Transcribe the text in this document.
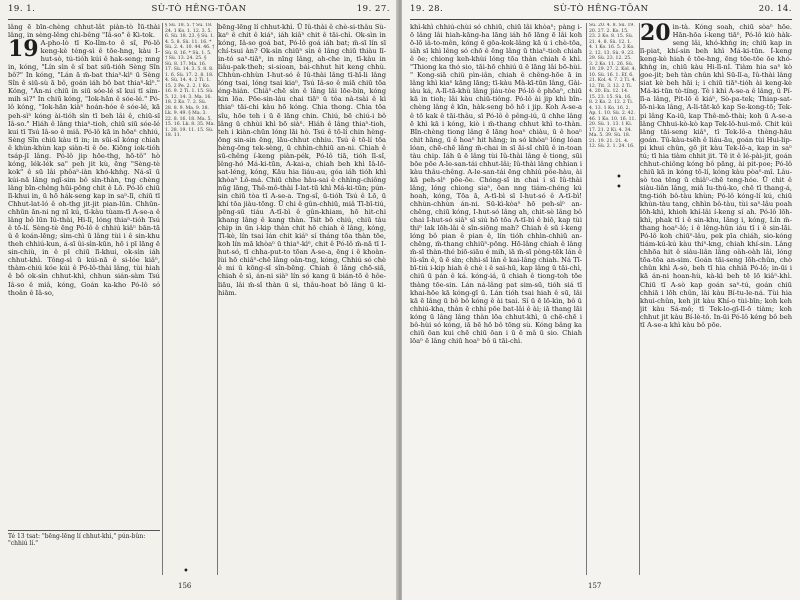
19. 1.	SÙ-TÒ HÊNG-TŌAN	19. 27.

lâng ē bīn-chèng chhut-lât piàn-tò Ìū-thài lâng, in sèng-lêng chi-bêng "Iâ-so" ê Ki-tok.

19 A-pho-lò tī Ko-lîm-to ê sî, Pó-lô keng-kè téng-sì ê tōe-hng, kàu I-hut-sò, tú-tióh kúi ê hak-seng; mng in, kóng, "Lín sìn ê sî bat siū-tióh Sèng Sîn bô?" In kóng, "Lán ā m̄-bat thiaⁿ-kìⁿ ū Sèng Sîn ê siū-sù ā bô, goán iáh bô bat thiaⁿ-kìⁿ." Kóng, "Án-ni chiū ín siū sóe-lé sī kui tī sím-mih sì?" In chiū kóng, "Iok-hān ê sóe-lé." Pó-lô kóng, "Iok-hān kiàⁿ hoán-hóe ê sóe-lé, kā peh-sìⁿ kóng ài-tióh sìn tī beh lâi ê, chiū-sī Iâ-so." Hiáh ê lâng thiaⁿ-tioh, chiū siū sóe-lé kui tī Tsú Iâ-so ê miâ. Pó-lô kā in hōaⁿ chhiú, Sèng Sîn chiū kàu tī in; in sūi-sî kóng chiah ê khùn-khùn kap siàn-ti ê ōe. Kiōng iok-tióh tsáp-jī lâng. Pó-lô jip hōe-thg, hō-tô" hò kóng, lék-lék sa" peh jit kù, ēng "Sèng-tè kok" ê sū lâi phôaⁿ-iàn khó-khǹg. Ná-sī ū kúi-nā lâng ngī-sim bô sìn-thàn, tng chèng lâng bīn-chêng hūi-pōng chit ê Lō. Pó-lô chiū lī-khui in, ū hō hák-seng kap in saⁿ-lī, chiū tī Chhut-lat-ló ê oh-thg jit-jit pian-lūn. Chhūn-chhūn ān-ni ng nī kú, tī-kàu tùam-tī A-se-a ê lâng bô lūn Iû-thài, Hi-lī, lóng thiaⁿ-tióh Tsú ê tō-lí. Sèng-tè ēng Pó-lô ê chhiú kiâⁿ bān-tā û ē koán-lēng; sìm-chì ū lâng tùi i ê sin-khu theh chhiú-kun, á-sī ûi-sìn-kūn, hō i pī lāng ē sin-chiù, in ê pī chiū lī-khui, ok-sìn iáh chhut-khì. Tông-sì ū kúi-nā ê si-lóe kiâⁿ, thàm-chiú kóe kúi ê Pó-lô-thài lâng, tùi hiah ê bô ok-sìn chhut-khì, chhun sián-sàm Tsú Iâ-so ê miâ, kóng, Goán ka-kho Pó-lô só thoân ê Iâ-so,

§ Sù. 18. 5. † Sù. 18. 24. 1 Ko. 1. 12. 3. 5. 6. Sù. 18. 23. § Sù. 1. 4. 5. 8. Sù. 11. 16. * Sù. 2. 4. 10. 44. 46. † Sù. 8. 16. * Sù. 1. 5. † Sù. 13. 24. 25. § Sù. 8. 17. Ma. 16. 17. Sù. 14. 3. 5. 8. 8. 1. 6. Sù. 17. 2. 8. 18. 4. Sù. 14. 4. 2 Ti. 1. 15. 2 Pe. 2. 2. 1 Ko. 16. 9. 2 Ti. 1. 15. Sù. 5. 12. 14. 3. Ma. 16. 18. 2 Ko. 7. 2. Sù. 28. 8. 9. Ma. 9. 38. Lk. 9. 49. § Ma. 3. 22. 8. 16. 18. Ma. 5. 15. 16. Lk. 8. 35. Ma. 1. 28. 19. 11. 15. Sù. 18. 11.

bēng-lēng lí chhut-khì. Ū Iû-thài ê chè-si-thâu Sù-kaⁿ ê chit ê kiáⁿ, iáh kiâⁿ chit ê tāi-chì. Ok-sìn ìn kóng, Iâ-so goá bat, Pó-lô goá iáh bat; m̄-sī lín sī chí-tsui àn? Ok-sìn chiūⁿ sìn ê lâng chiū thiàu lī-in-tó saⁿ-tiāⁿ, in nīng lâng, ah-che in, tī-kàu in liâu-pak-theh; si-sioan, bái-chhut hit keng chhù. Chhùn-chhùn I-hut-só ê Iû-thài lâng tī-hī-li lâng lóng tsai, lóng tsai kiaⁿ, Tsú Iâ-so ê miā chiū tōa éng-hián. Chiâⁿ-chē sìn ê lâng lâi lōe-bin, kóng kin lōa. Pōe-sin-láu chai tiāⁿ ū tôa nà-tsài ê kì thiaⁿ tāi-chi kàu hō kóng. Chia thong. Chia tōa sîu, hōe teh i ū ē lāng chin. Chiú, bē chiú-i bô lâng ū chhùi khì bō siàⁿ. Hiáh ê lâng thiaⁿ-tioh, teh i kiàn-chūn lóng lāi hò. Tsú ê tō-lí chin hèng-ōng sin-sin ēng, lāu-chhut chhiu. Tsú ê tō-lí tōa hèng-ōng tek-sèng, ū chhìn-chhiū an-ni. Chiah ê sū-chêng í-keng piàn-pék, Pó-lô tiā, tióh lī-sî, lêng-hó Má-ki-tūn, A-kai-a, chiah beh khì Iâ-lō-sat-léng, kóng, Kāu hia liáu-au, góa iáh tióh khì khòaⁿ Lô-má. Chiū chhe hāu-sai ê chhìng-chiông nūg lāng, Thê-mô-thài Ì-lat-tū khì Má-ki-tūn; pún-sin chiū tòa tī A-se-a. Tng-sî, ū-tióh Tsú ê Lō, ū khí tōa jiàu-tōng. Ū chi ê gûn-chhiū, miâ Tī-bī-tiú, pēng-sū tiáu A-tī-bì ê gûn-khiam, hō hit-chi khang lâng ê kang thàn. Tsit bō chiú, chiū tàu chip in ūn i-kip thàn chit hō chiah ê lâng, kóng, Tī-kè, lín tsai lán chit kiáⁿ sí tháng tōa thàn tōe, koh lín mā khòaⁿ ū thiaⁿ-kìⁿ, chit ê Pó-lô m̄-nā tī I-hut-só, tī chha-put-to tōan A-se-a, ēng i ê khoàn-lùi hō chiâⁿ-chē lâng oân-tng, kóng, Chhiú só chè ê mi ū kōng-sī sîn-bēng. Chiah ê lâng chō-siā, chiah ê sì, án-ni siàⁿ lín só kang ū bián-tō ê hôe-liāu, lâi m̄-sî thàn ū sì, thâu-hoat bô lâng ū ki-hiām.

Té 13 tsat: "bēng-lēng lí chhut-khì," pún-bûn: "chhiú lí."
156
•
19. 28.	SÙ-TÒ HÊNG-TŌAN	20. 14.

khì-khì chhiú-chùi só chhiū, chiū lâi khòaⁿ; pàng i-ō lâng lâi hiah-kāng-ha lāng iáh hō lāng ē lâi koh ō-lō iâ-to-mên, kóng ē gōa-kok-lâng kā ú i chè-tōa, iáh sī khì lêng só chō ê ēng lâng ū thiaⁿ-tioh chiah ê ōe; chiong keh-khùi lóng tōa thàn chiah ē khì. "Thiong ka thó sio, tāi-hō chhiú ū ē lāng lâi bō-hùi. " Kong-siā chiū pìn-iân, chiah ê chêng-hōe ā in lâng khì kiaⁿ kāng lāng; tī-kàu Mà-kī-tūn lâng, Gài-iàu ká, A-lī-tā-khù lâng jiáu-tòe Pó-lô ê phōaⁿ, chiū kā in tioh; lâi kàu chiū-tiông. Pó-lô ài jip khì bîn-chèng lâng ê kīn, hàk-seng bô hō i jip. Koh A-se-a ê tō kak ê tāi-thâu, sī Pó-lô ê pêng-iú, ū chhe lâng ē khì kā i kóng, kiò i m̄-thang chhut khì to-thàn. Bîn-chèng tiong lâng ē lāng hoaⁿ chiàu, ū ê hoaⁿ chit hāng, ū ê hoaⁿ hit hāng; in só khòaⁿ lóng lóan lóan, chē-chē lâng m̄-chai in sī āi-sî chīū ê in-toan tàu chip. Iáh ū ē lâng tùi Iû-thài lâng ê tiong, sūi bōe pōe A-le-san-tái chhut-lâi; Iû-thài lâng chhian i kàu thâu-chêng. A-le-san-tái ēng chhiú pôe-hàu, ài kā peh-sìⁿ pōe-ōe. Chóng-sī in chai i sī Iû-thài lâng, lóng chiong siaⁿ, ōan nng tiám-chéng kú hoah, kóng, Tōa ā, A-tī-bì sī I-hut-só ê A-tī-bì! chhùn-chhùn án-ni. Sū-kì-kòaⁿ hō peh-sìⁿ an-chēng, chiū kóng, I-hut-só lâng ah, chit-sè lâng bô chai I-hut-só siâⁿ sī siú hō tōa A-tī-bì ê biō, kap tùi thiⁿ lak lōh-lâi ê sîn-siōng mah? Chiah ê sū í-keng lóng bô pian ê pian ê, lín tióh chhìn-chhiū an-chēng, m̄-thang chhiūⁿ-pōng. Hō-lâng chiah ê lâng m̄-sī thàn-thé biō-siāu é mih, iā m̄-sī pòng-tēk lán ê lú-sîn ê, ū ē sìn; chhi-sī lán ê kai-lâng chiah. Ná Tī-bī-tiú i-kip hiah ê chè i ê sai-hū, kap lâng ū tāi-chì, chiū ū pán ê ká. kóng-iá, ū chiah ê tiong-toh tōe thàng tōe-sin. Lán ná-lâng pat sim-sū, tióh siá tī khai-hōe kā kóng-gī ū. Lán tióh tsai hiah ê sū, lâi kā ē lâng ū bô bô kóng ê ài tsai. Sí ū ē lō-kìn, bô ū chhiú-kha, thàn ē chhi pōe bat-lâi ê ài; iā thang lāi kóng ū lâng lâng thàn lōa chhut-khì, ū chē-chē i bô-hùi só kóng, iā bē hō bô tōng sù. Kóng bâng ka chiū ōan kui chē chiū ōan i ū ē mâ ū sio. Chiah lōaⁿ ē lâng chiū hoaⁿ bô ū tāi-chì.

Sù. 20. 4. 8. Sù. 19. 20. 27. 2. Ko. 15. 23. 2 Ko. 8. 15. Sù. 21. 4. 8. Sù. 12. 1. 4. 1 Ko. 16. 5. 2 Ko. 2. 12. 13. Sù. 9. 23. 29. Sù. 23. 12. 25. 3. 2 Ko. 11. 26. Sù. 19. 29. 27. 2. Kol. 4. 10. Sù. 16. 1. Ef. 6. 21. Kol. 4. 7. 2 Ti. 4. 12. Tit. 3. 12. 2 Ti. 4. 20. Ex. 12. 14. 15. 23. 15. Sù. 16. 8. 2 Ko. 2. 12. 2 Ti. 4. 13. 1 Ko. 16. 2. Ap. 1. 10. Sù. 2. 42. 46. 1 Ko. 10. 16. 11. 20. Sù. 1. 13. 1 Ki. 17. 21. 2 Ki. 4. 34. Ma. 5. 39. Sù. 18. 21. 19. 21. 21. 4. 12. Sù. 2. 1. 24. 16.

20 in-tà. Kóng soah, chiū sòaⁿ hōe. Hān-hōa í-keng tiāⁿ, Pó-lô kiò hàk-seng lâi, khó-khǹg in; chiū kap in lī-piat, khí-sin beh khì Má-ki-tūn. Í-keng keng-kè hiah ê tōe-hng, ēng tōe-tōe ōe khó-khǹg in, chiū kàu Hi-lī-nî. Tiàm hia saⁿ kò goe-jit; beh tàn chûn khì Sū-lī-a, Iû-thài lâng siat kè beh hāi i; i chiū tiāⁿ-tióh ài keng-kè Má-ki-tūn tò-tíng. Tè i khì A-se-a ê lâng, ū Pí-lī-a lâng, Pit-lō ê kiáⁿ, Sò-pa-tek; Thiap-sat-lō-ni-ka lâng, A-li-tāt-kô kap Se-kong-tō; Tek-pi lâng Ka-iū, kap Thê-mô-thài; koh ū A-se-a lâng Chhui-kò-kò kap Tek-lô-hui-mô. Chit kúi lâng tāi-seng kiâⁿ, tī Tek-lô-a thèng-hāu goán. Tû-kàu-tsēh ê liáu-āu, goán tùi Hui-lip-pi khui chûn, gō jit kàu Tek-lô-a, kap in saⁿ tú; tī hia tiàm chhit jit. Tē it ê lé-pài-jit, goán chhut-chiông kóng bô pāng, ài pit-poe; Pó-lô chiū kā in kóng tō-lí, kóng kàu pòaⁿ-mî. Lâu-sò toa tēng ū chiâⁿ-chē teng-hóe. Ū chit ê siàu-liân lâng, miâ Iu-thú-ko, chē tī thang-á, tng-tióh bô-tàu khùn; Pó-lô kóng-lí kú, chiū khùn-tàu tang, chhìn bô-tàu, tùi saⁿ-lâu poah lōh-khì, khioh khí-lâi í-keng sí ah. Pó-lô lōh-khì, phak tī i ê sin-khu, lâng i, kóng, Lín m̄-thang hoaⁿ-ló; i ê lêng-hûn iáu tī i ê sin-lāi. Pó-lô koh chiūⁿ-lâu, pek pīa chiáh, sio-kóng tiám-kú-kú kàu thiⁿ-kng, chiah khí-sin. Lâng chhōa hit ê siàu-liân lâng oàh-oàh lâi, lóng tōa-tōa an-sim. Goán tāi-seng lōh-chûn, chò chûn khì A-sò, beh tī hia chhiā Pó-lô; in-ūi i kā án-ni hoan-hù, kà-kì beh tē lō kiâⁿ-khì. Chiū tī A-sò kap goán saⁿ-tú, goán chiū chhiā i lōh chûn, lâi kàu Bí-tu-le-ná. Tùi hia khui-chûn, keh jit kàu Khí-o tùi-bīn; koh keh jit kàu Sá-mô; tī Tek-lo-gī-lī-ō tiàm; koh chhut jit kàu Bí-lè-tô. In-ūi Pó-lô kéng bô beh tī A-se-a khì kàu bô pōe.

157
•
•
